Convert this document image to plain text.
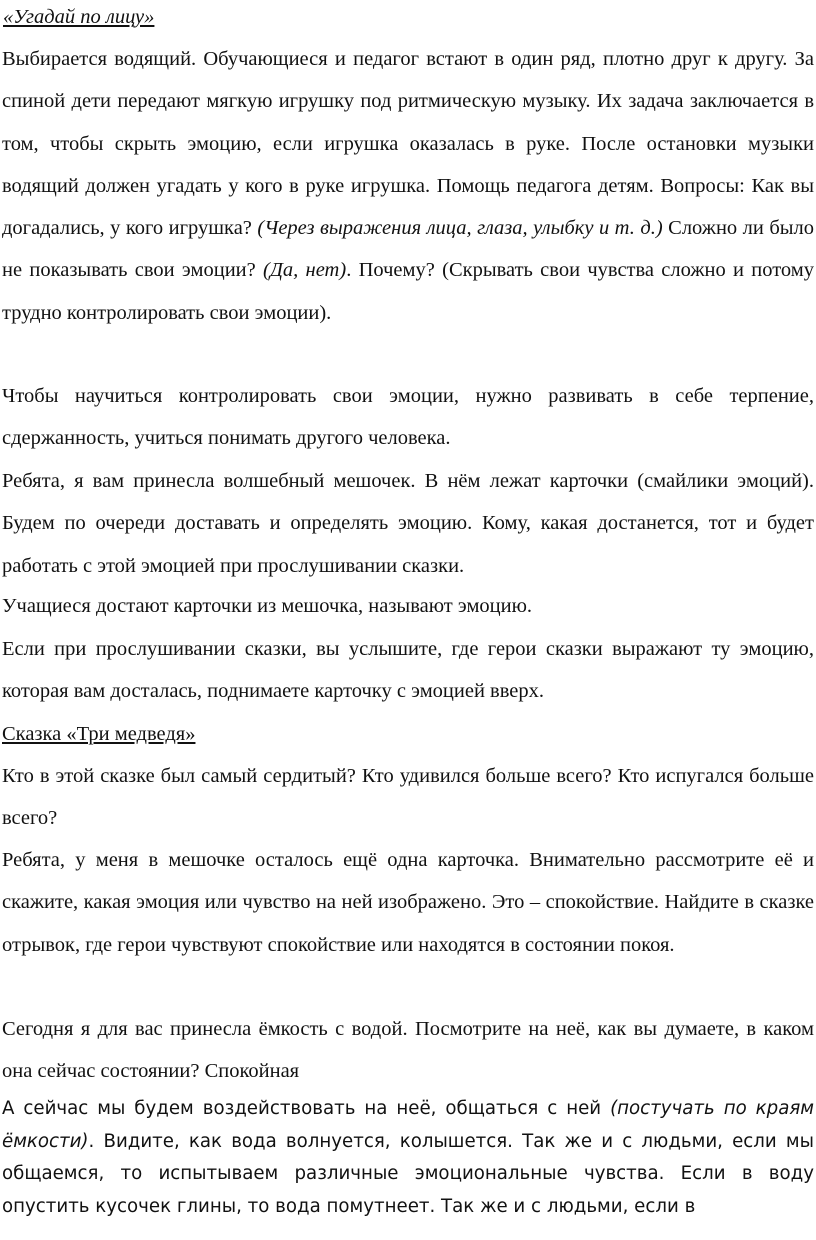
«Угадай по лицу»

Выбирается водящий. Обучающиеся и педагог встают в один ряд, плотно друг к другу. За спиной дети передают мягкую игрушку под ритмическую музыку. Их задача заключается в том, чтобы скрыть эмоцию, если игрушка оказалась в руке. После остановки музыки водящий должен угадать у кого в руке игрушка. Помощь педагога детям. Вопросы: Как вы догадались, у кого игрушка? (Через выражения лица, глаза, улыбку и т. д.) Сложно ли было не показывать свои эмоции? (Да, нет). Почему? (Скрывать свои чувства сложно и потому трудно контролировать свои эмоции).

Чтобы научиться контролировать свои эмоции, нужно развивать в себе терпение, сдержанность, учиться понимать другого человека.

Ребята, я вам принесла волшебный мешочек. В нём лежат карточки (смайлики эмоций). Будем по очереди доставать и определять эмоцию. Кому, какая достанется, тот и будет работать с этой эмоцией при прослушивании сказки.

Учащиеся достают карточки из мешочка, называют эмоцию.

Если при прослушивании сказки, вы услышите, где герои сказки выражают ту эмоцию, которая вам досталась, поднимаете карточку с эмоцией вверх.

Сказка «Три медведя»

Кто в этой сказке был самый сердитый? Кто удивился больше всего? Кто испугался больше всего?

Ребята, у меня в мешочке осталось ещё одна карточка. Внимательно рассмотрите её и скажите, какая эмоция или чувство на ней изображено. Это – спокойствие. Найдите в сказке отрывок, где герои чувствуют спокойствие или находятся в состоянии покоя.

Сегодня я для вас принесла ёмкость с водой. Посмотрите на неё, как вы думаете, в каком она сейчас состоянии? Спокойная

А сейчас мы будем воздействовать на неё, общаться с ней (постучать по краям ёмкости). Видите, как вода волнуется, колышется. Так же и с людьми, если мы общаемся, то испытываем различные эмоциональные чувства. Если в воду опустить кусочек глины, то вода помутнеет. Так же и с людьми, если в
